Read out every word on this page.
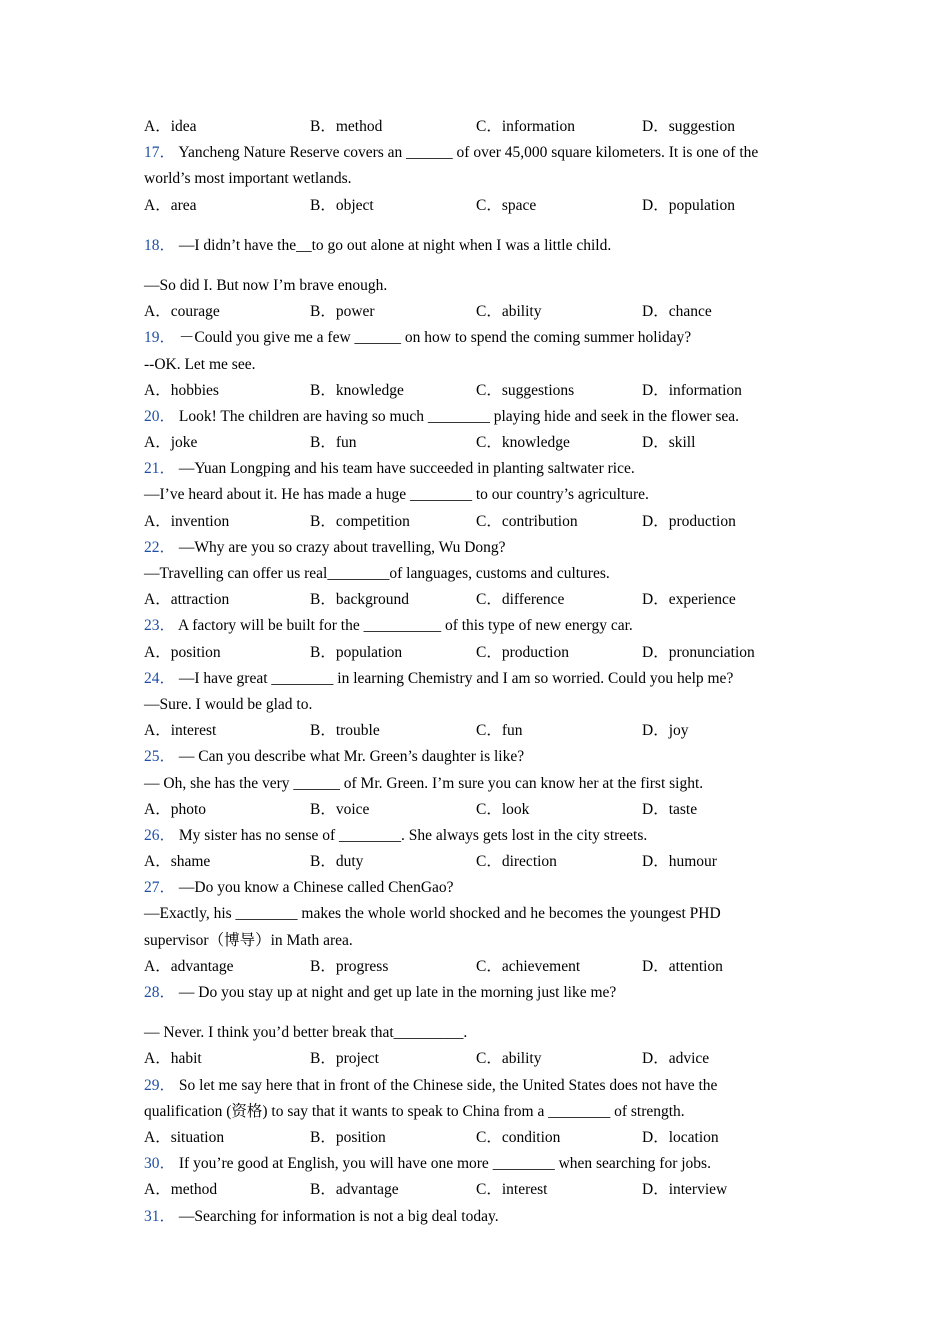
A．idea	B．method	C．information	D．suggestion
17． Yancheng Nature Reserve covers an ______ of over 45,000 square kilometers. It is one of the
world’s most important wetlands.
A．area	B．object	C．space	D．population
18． —I didn’t have the__to go out alone at night when I was a little child.
—So did I. But now I’m brave enough.
A．courage	B．power	C．ability	D．chance
19． －Could you give me a few ______ on how to spend the coming summer holiday?
--OK. Let me see.
A．hobbies	B．knowledge	C．suggestions	D．information
20． Look! The children are having so much ________ playing hide and seek in the flower sea.
A．joke	B．fun	C．knowledge	D．skill
21． —Yuan Longping and his team have succeeded in planting saltwater rice.
—I’ve heard about it. He has made a huge ________ to our country’s agriculture.
A．invention	B．competition	C．contribution	D．production
22． —Why are you so crazy about travelling, Wu Dong?
—Travelling can offer us real________of languages, customs and cultures.
A．attraction	B．background	C．difference	D．experience
23． A factory will be built for the __________ of this type of new energy car.
A．position	B．population	C．production	D．pronunciation
24． —I have great ________ in learning Chemistry and I am so worried. Could you help me?
—Sure. I would be glad to.
A．interest	B．trouble	C．fun	D．joy
25． — Can you describe what Mr. Green’s daughter is like?
— Oh, she has the very ______ of Mr. Green. I’m sure you can know her at the first sight.
A．photo	B．voice	C．look	D．taste
26． My sister has no sense of ________. She always gets lost in the city streets.
A．shame	B．duty	C．direction	D．humour
27． —Do you know a Chinese called ChenGao?
—Exactly, his ________ makes the whole world shocked and he becomes the youngest PHD
supervisor（博导）in Math area.
A．advantage	B．progress	C．achievement	D．attention
28． — Do you stay up at night and get up late in the morning just like me?
— Never. I think you’d better break that_________.
A．habit	B．project	C．ability	D．advice
29． So let me say here that in front of the Chinese side, the United States does not have the
qualification (资格) to say that it wants to speak to China from a ________ of strength.
A．situation	B．position	C．condition	D．location
30． If you’re good at English, you will have one more ________ when searching for jobs.
A．method	B．advantage	C．interest	D．interview
31． —Searching for information is not a big deal today.
